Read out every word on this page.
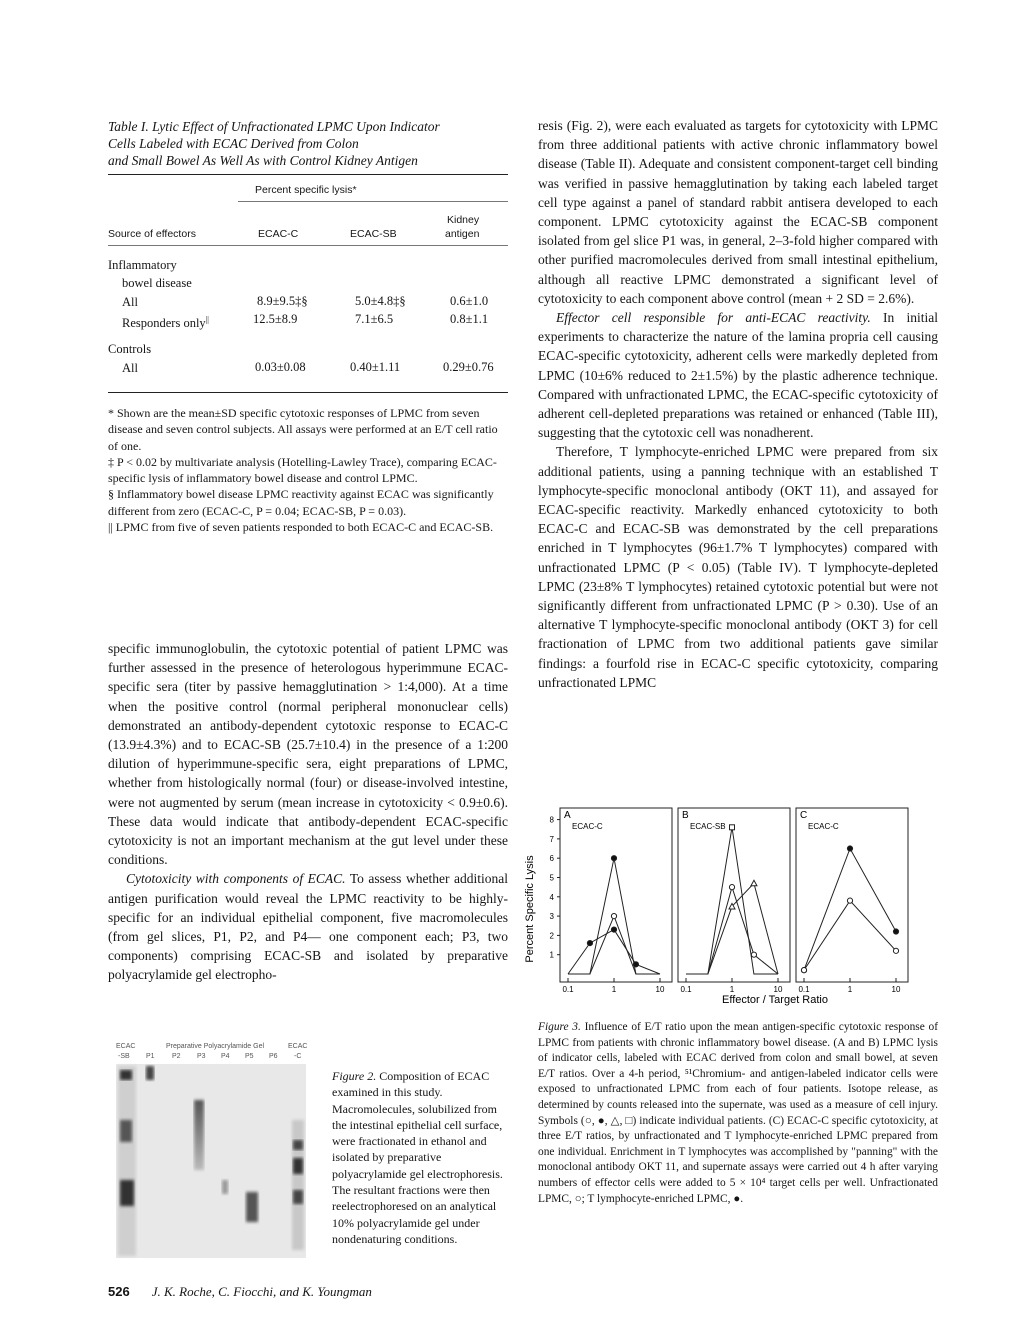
Table I. Lytic Effect of Unfractionated LPMC Upon Indicator
Cells Labeled with ECAC Derived from Colon
and Small Bowel As Well As with Control Kidney Antigen
Percent specific lysis*
Kidney
Source of effectors	ECAC-C	ECAC-SB	antigen
Inflammatory
bowel disease
All	8.9±9.5‡§	5.0±4.8‡§	0.6±1.0
Responders only||	12.5±8.9	7.1±6.5	0.8±1.1
Controls
All	0.03±0.08	0.40±1.11	0.29±0.76

* Shown are the mean±SD specific cytotoxic responses of LPMC from seven disease and seven control subjects. All assays were performed at an E/T cell ratio of one.

‡ P < 0.02 by multivariate analysis (Hotelling-Lawley Trace), comparing ECAC-specific lysis of inflammatory bowel disease and control LPMC.

§ Inflammatory bowel disease LPMC reactivity against ECAC was significantly different from zero (ECAC-C, P = 0.04; ECAC-SB, P = 0.03).

|| LPMC from five of seven patients responded to both ECAC-C and ECAC-SB.

specific immunoglobulin, the cytotoxic potential of patient LPMC was further assessed in the presence of heterologous hyperimmune ECAC-specific sera (titer by passive hemagglutination > 1:4,000). At a time when the positive control (normal peripheral mononuclear cells) demonstrated an antibody-dependent cytotoxic response to ECAC-C (13.9±4.3%) and to ECAC-SB (25.7±10.4) in the presence of a 1:200 dilution of hyperimmune-specific sera, eight preparations of LPMC, whether from histologically normal (four) or disease-involved intestine, were not augmented by serum (mean increase in cytotoxicity < 0.9±0.6). These data would indicate that antibody-dependent ECAC-specific cytotoxicity is not an important mechanism at the gut level under these conditions.

Cytotoxicity with components of ECAC. To assess whether additional antigen purification would reveal the LPMC reactivity to be highly-specific for an individual epithelial component, five macromolecules (from gel slices, P1, P2, and P4— one component each; P3, two components) comprising ECAC-SB and isolated by preparative polyacrylamide gel electropho-

resis (Fig. 2), were each evaluated as targets for cytotoxicity with LPMC from three additional patients with active chronic inflammatory bowel disease (Table II). Adequate and consistent component-target cell binding was verified in passive hemagglutination by taking each labeled target cell type against a panel of standard rabbit antisera developed to each component. LPMC cytotoxicity against the ECAC-SB component isolated from gel slice P1 was, in general, 2–3-fold higher compared with other purified macromolecules derived from small intestinal epithelium, although all reactive LPMC demonstrated a significant level of cytotoxicity to each component above control (mean + 2 SD = 2.6%).

Effector cell responsible for anti-ECAC reactivity. In initial experiments to characterize the nature of the lamina propria cell causing ECAC-specific cytotoxicity, adherent cells were markedly depleted from LPMC (10±6% reduced to 2±1.5%) by the plastic adherence technique. Compared with unfractionated LPMC, the ECAC-specific cytotoxicity of adherent cell-depleted preparations was retained or enhanced (Table III), suggesting that the cytotoxic cell was nonadherent.

Therefore, T lymphocyte-enriched LPMC were prepared from six additional patients, using a panning technique with an established T lymphocyte-specific monoclonal antibody (OKT 11), and assayed for ECAC-specific reactivity. Markedly enhanced cytotoxicity to both ECAC-C and ECAC-SB was demonstrated by the cell preparations enriched in T lymphocytes (96±1.7% T lymphocytes) compared with unfractionated LPMC (P < 0.05) (Table IV). T lymphocyte-depleted LPMC (23±8% T lymphocytes) retained cytotoxic potential but were not significantly different from unfractionated LPMC (P > 0.30). Use of an alternative T lymphocyte-specific monoclonal antibody (OKT 3) for cell fractionation of LPMC from two additional patients gave similar findings: a fourfold rise in ECAC-C specific cytotoxicity, comparing unfractionated LPMC

Percent Specific Lysis
Effector / Target Ratio
1
2
3
4
5
6
7
8 A
ECAC-C
0.1	1	10
B
ECAC-SB
0.1	1	10
C
ECAC-C
0.1	1	10

Figure 3. Influence of E/T ratio upon the mean antigen-specific cytotoxic response of LPMC from patients with chronic inflammatory bowel disease. (A and B) LPMC lysis of indicator cells, labeled with ECAC derived from colon and small bowel, at seven E/T ratios. Over a 4-h period, ⁵¹Chromium- and antigen-labeled indicator cells were exposed to unfractionated LPMC from each of four patients. Isotope release, as determined by counts released into the supernate, was used as a measure of cell injury. Symbols (○, ●, △, □) indicate individual patients. (C) ECAC-C specific cytotoxicity, at three E/T ratios, by unfractionated and T lymphocyte-enriched LPMC prepared from one individual. Enrichment in T lymphocytes was accomplished by "panning" with the monoclonal antibody OKT 11, and supernate assays were carried out 4 h after varying numbers of effector cells were added to 5 × 10⁴ target cells per well. Unfractionated LPMC, ○; T lymphocyte-enriched LPMC, ●.

ECAC
-SB
Preparative Polyacrylamide Gel	ECAC
-C
P1 P2 P3 P4 P5 P6

Figure 2. Composition of ECAC examined in this study. Macromolecules, solubilized from the intestinal epithelial cell surface, were fractionated in ethanol and isolated by preparative polyacrylamide gel electrophoresis. The resultant fractions were then reelectrophoresed on an analytical 10% polyacrylamide gel under nondenaturing conditions.

526 J. K. Roche, C. Fiocchi, and K. Youngman
